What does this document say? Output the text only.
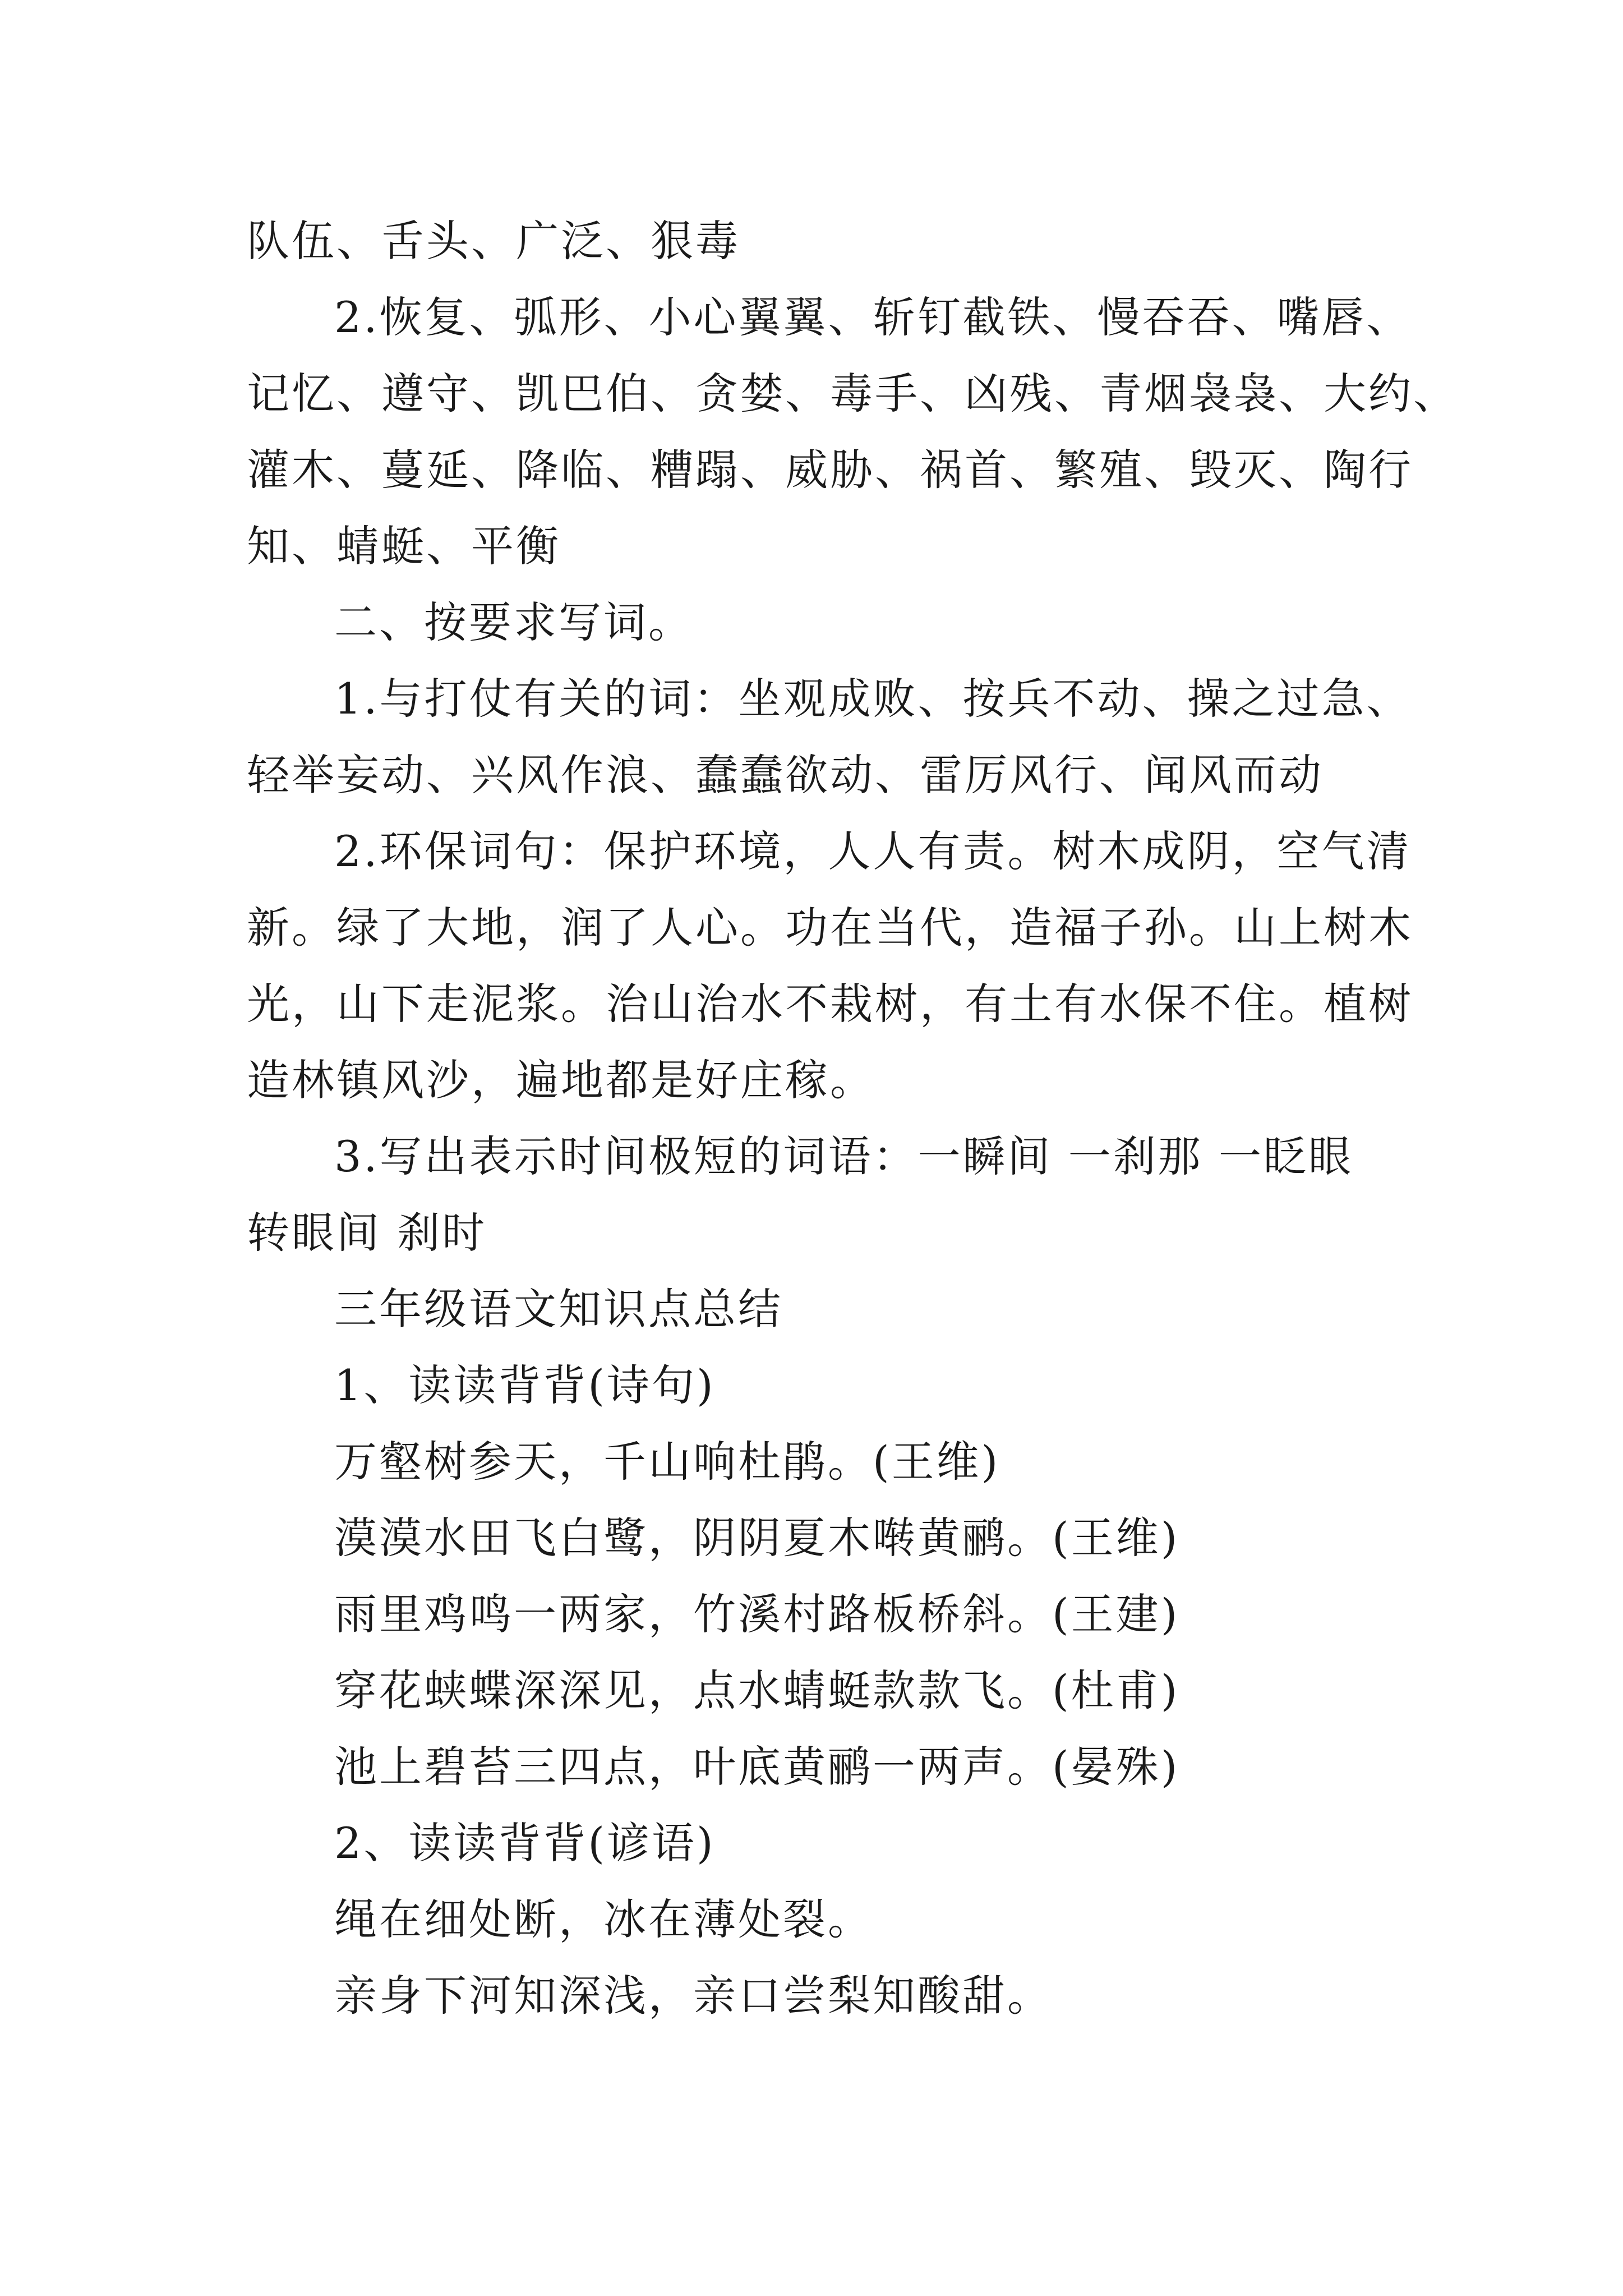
队伍、舌头、广泛、狠毒
2.恢复、弧形、小心翼翼、斩钉截铁、慢吞吞、嘴唇、
记忆、遵守、凯巴伯、贪婪、毒手、凶残、青烟袅袅、大约、
灌木、蔓延、降临、糟蹋、威胁、祸首、繁殖、毁灭、陶行
知、蜻蜓、平衡
二、按要求写词。
1.与打仗有关的词：坐观成败、按兵不动、操之过急、
轻举妄动、兴风作浪、蠢蠢欲动、雷厉风行、闻风而动
2.环保词句：保护环境，人人有责。树木成阴，空气清
新。绿了大地，润了人心。功在当代，造福子孙。山上树木
光，山下走泥浆。治山治水不栽树，有土有水保不住。植树
造林镇风沙，遍地都是好庄稼。
3.写出表示时间极短的词语：一瞬间 一刹那 一眨眼
转眼间 刹时
三年级语文知识点总结
1、读读背背(诗句)
万壑树参天，千山响杜鹃。(王维)
漠漠水田飞白鹭，阴阴夏木啭黄鹂。(王维)
雨里鸡鸣一两家，竹溪村路板桥斜。(王建)
穿花蛱蝶深深见，点水蜻蜓款款飞。(杜甫)
池上碧苔三四点，叶底黄鹂一两声。(晏殊)
2、读读背背(谚语)
绳在细处断，冰在薄处裂。
亲身下河知深浅，亲口尝梨知酸甜。
